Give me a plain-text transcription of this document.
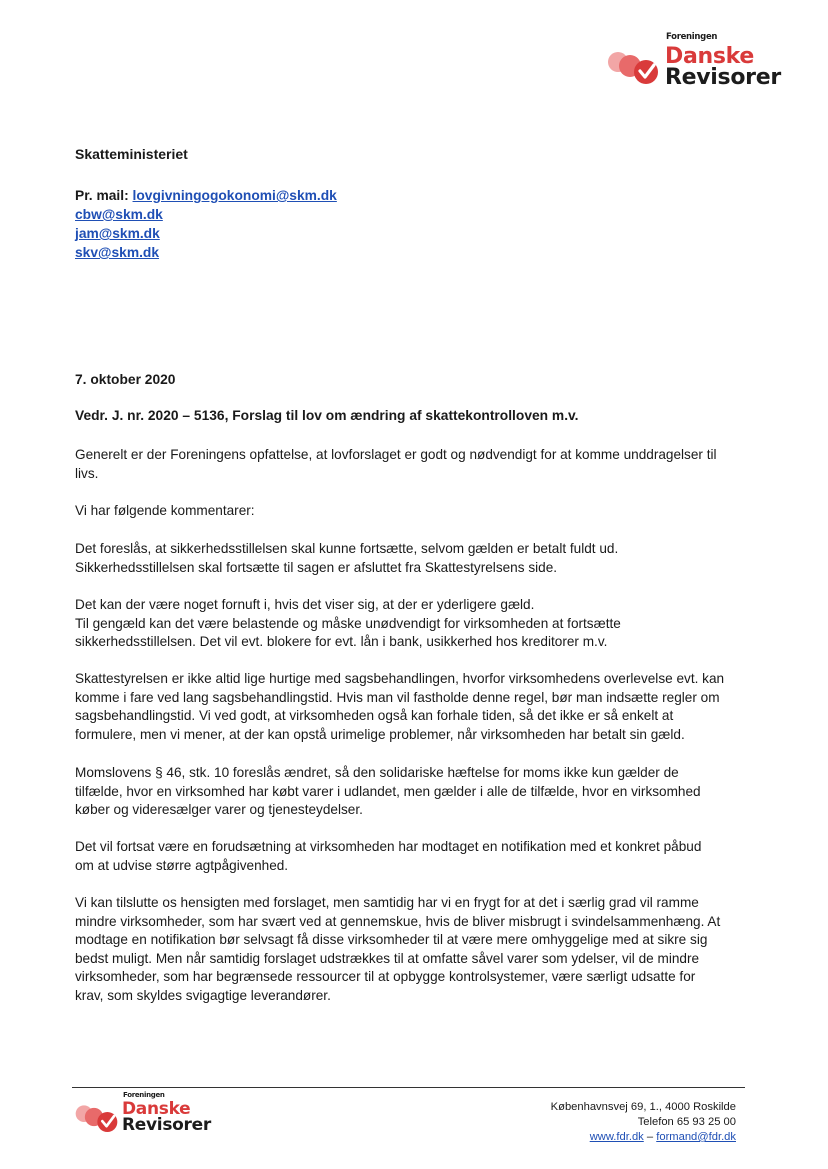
Foreningen
Danske
Revisorer
Skatteministeriet
Pr. mail: lovgivningogokonomi@skm.dk
cbw@skm.dk
jam@skm.dk
skv@skm.dk
7. oktober 2020
Vedr. J. nr. 2020 – 5136, Forslag til lov om ændring af skattekontrolloven m.v.
Generelt er der Foreningens opfattelse, at lovforslaget er godt og nødvendigt for at komme unddragelser til
livs.
Vi har følgende kommentarer:
Det foreslås, at sikkerhedsstillelsen skal kunne fortsætte, selvom gælden er betalt fuldt ud.
Sikkerhedsstillelsen skal fortsætte til sagen er afsluttet fra Skattestyrelsens side.
Det kan der være noget fornuft i, hvis det viser sig, at der er yderligere gæld.
Til gengæld kan det være belastende og måske unødvendigt for virksomheden at fortsætte
sikkerhedsstillelsen. Det vil evt. blokere for evt. lån i bank, usikkerhed hos kreditorer m.v.
Skattestyrelsen er ikke altid lige hurtige med sagsbehandlingen, hvorfor virksomhedens overlevelse evt. kan
komme i fare ved lang sagsbehandlingstid. Hvis man vil fastholde denne regel, bør man indsætte regler om
sagsbehandlingstid. Vi ved godt, at virksomheden også kan forhale tiden, så det ikke er så enkelt at
formulere, men vi mener, at der kan opstå urimelige problemer, når virksomheden har betalt sin gæld.
Momslovens § 46, stk. 10 foreslås ændret, så den solidariske hæftelse for moms ikke kun gælder de
tilfælde, hvor en virksomhed har købt varer i udlandet, men gælder i alle de tilfælde, hvor en virksomhed
køber og videresælger varer og tjenesteydelser.
Det vil fortsat være en forudsætning at virksomheden har modtaget en notifikation med et konkret påbud
om at udvise større agtpågivenhed.
Vi kan tilslutte os hensigten med forslaget, men samtidig har vi en frygt for at det i særlig grad vil ramme
mindre virksomheder, som har svært ved at gennemskue, hvis de bliver misbrugt i svindelsammenhæng. At
modtage en notifikation bør selvsagt få disse virksomheder til at være mere omhyggelige med at sikre sig
bedst muligt. Men når samtidig forslaget udstrækkes til at omfatte såvel varer som ydelser, vil de mindre
virksomheder, som har begrænsede ressourcer til at opbygge kontrolsystemer, være særligt udsatte for
krav, som skyldes svigagtige leverandører.
Foreningen
Danske
Revisorer
Københavnsvej 69, 1., 4000 Roskilde
Telefon 65 93 25 00
www.fdr.dk – formand@fdr.dk
